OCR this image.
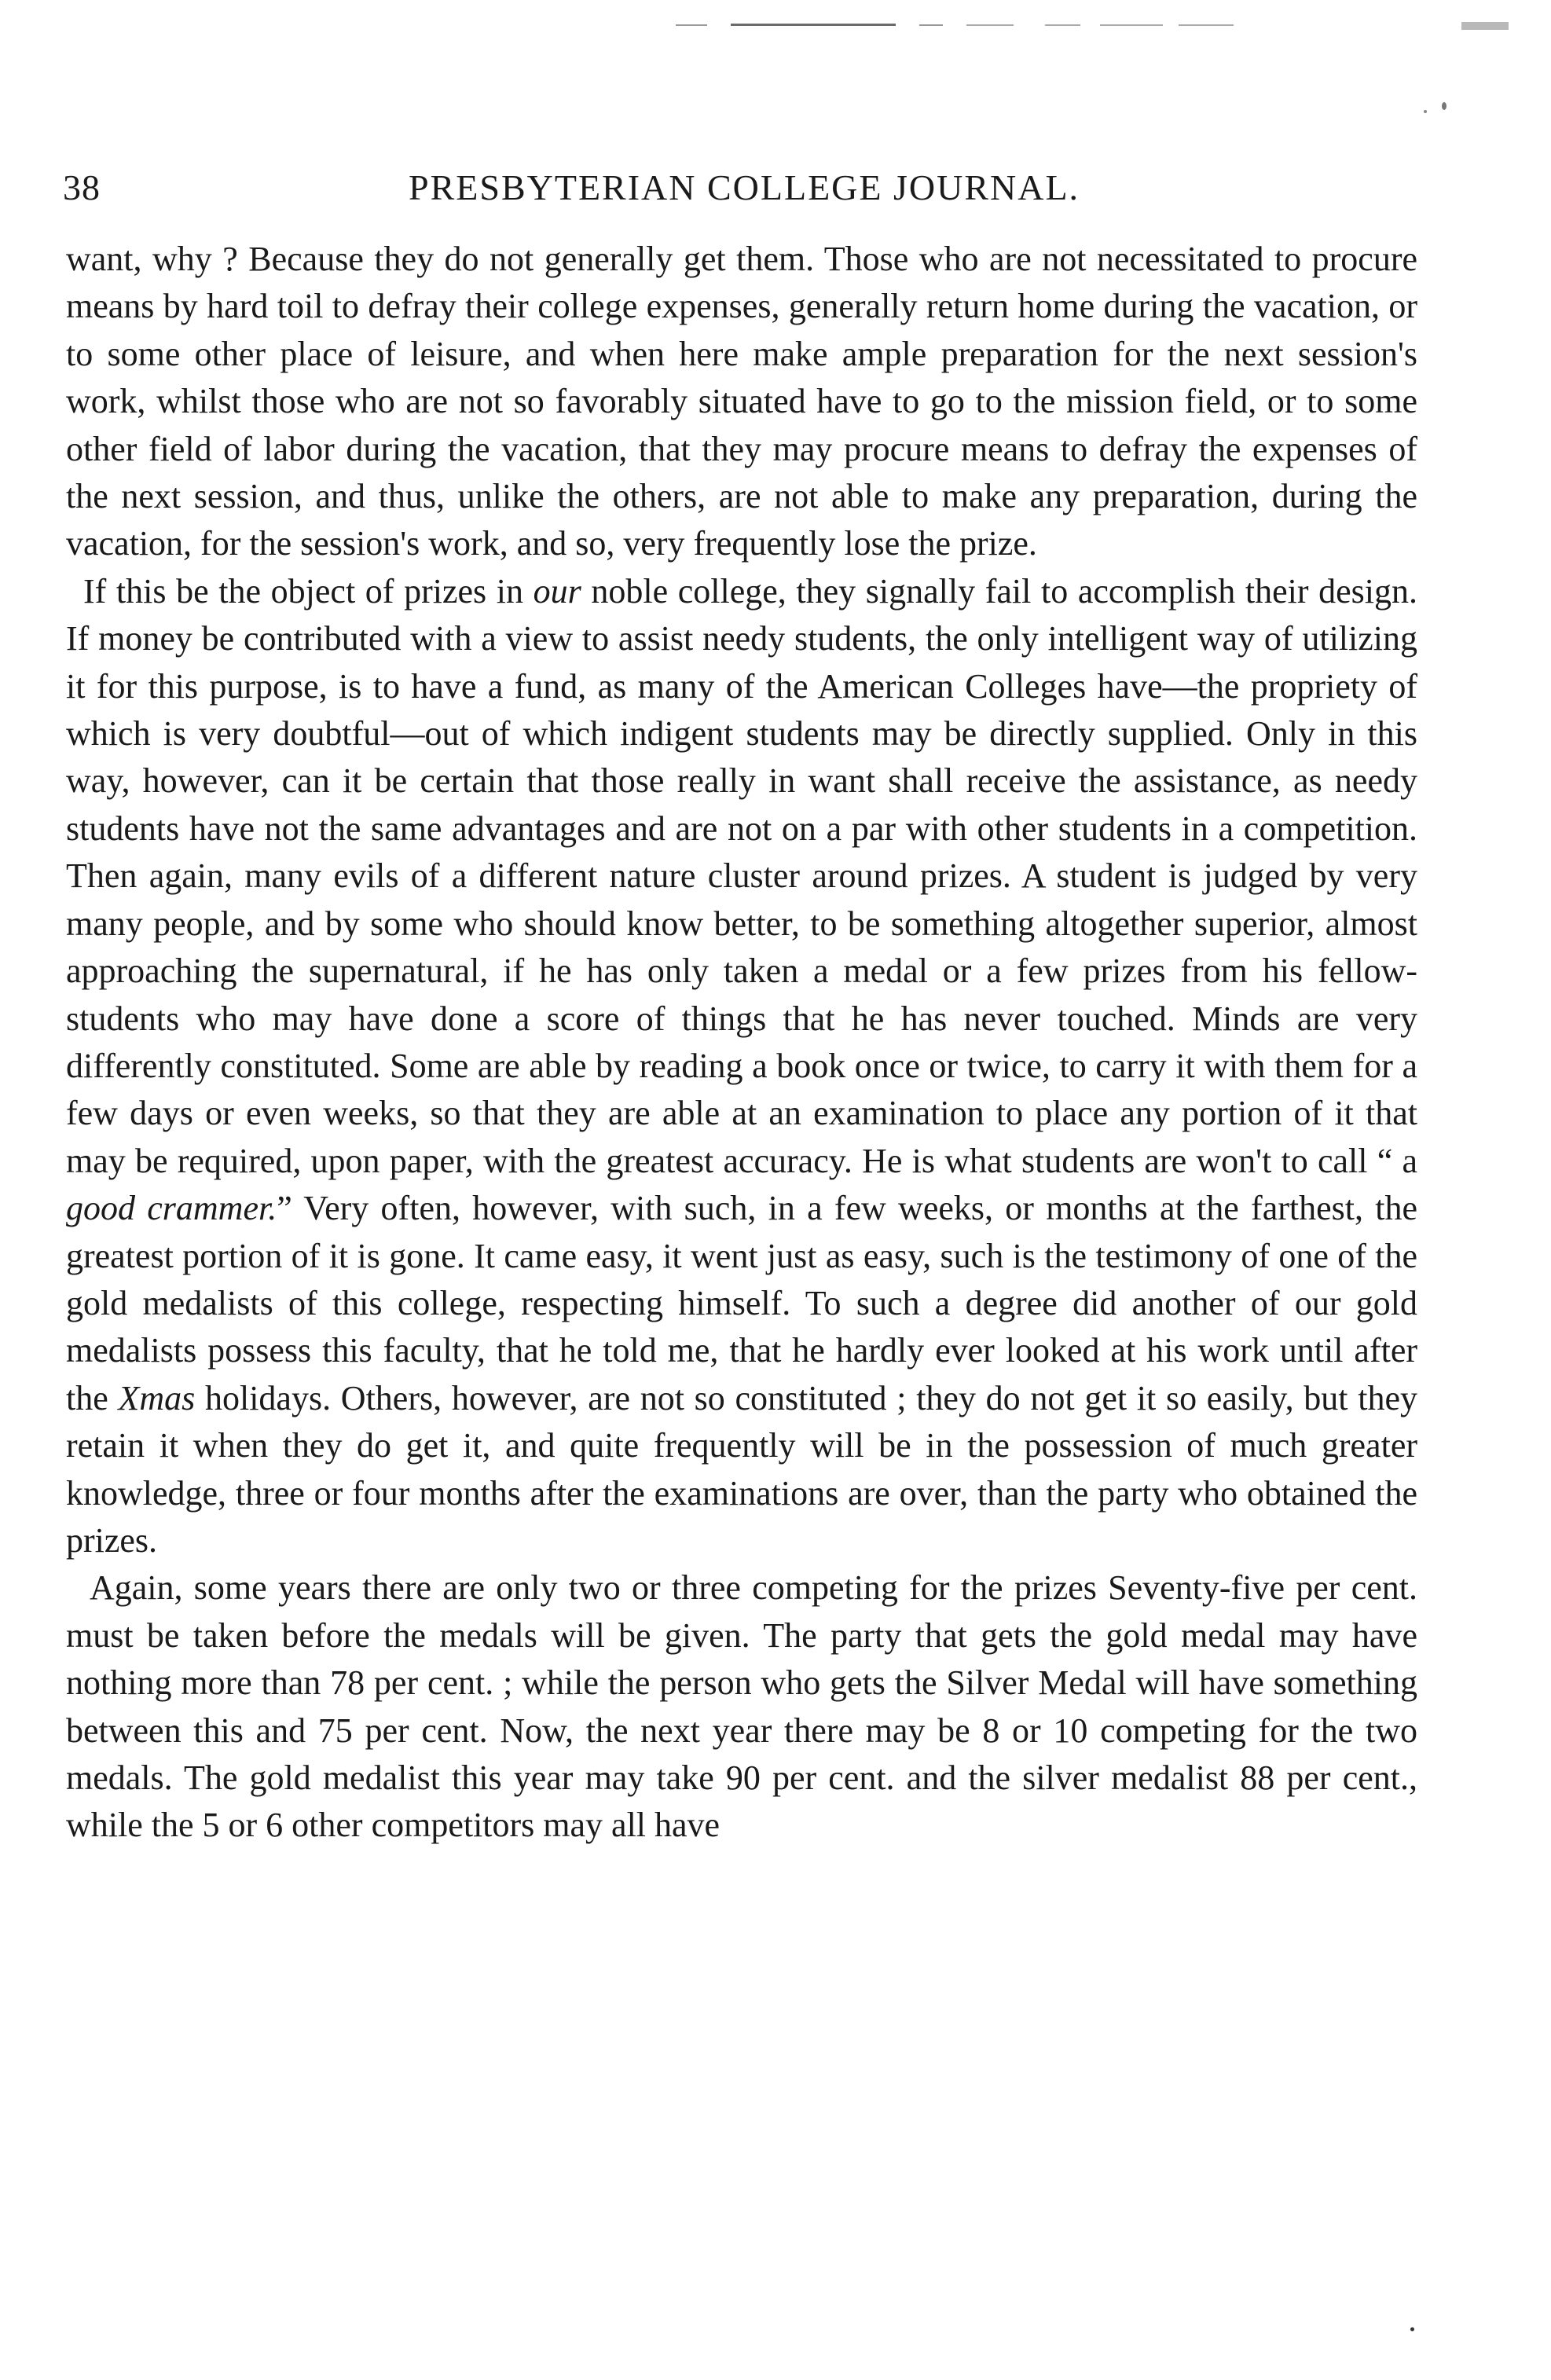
38	PRESBYTERIAN COLLEGE JOURNAL.

want, why ? Because they do not generally get them. Those who are not necessitated to procure means by hard toil to defray their college expenses, generally return home during the vacation, or to some other place of leisure, and when here make ample preparation for the next session's work, whilst those who are not so favorably situated have to go to the mission field, or to some other field of labor during the vacation, that they may procure means to defray the expenses of the next session, and thus, unlike the others, are not able to make any preparation, during the vacation, for the session's work, and so, very frequently lose the prize.

If this be the object of prizes in our noble college, they signally fail to accomplish their design. If money be contributed with a view to assist needy students, the only intelligent way of utilizing it for this purpose, is to have a fund, as many of the American Colleges have—the propriety of which is very doubtful—out of which indigent students may be directly supplied. Only in this way, however, can it be certain that those really in want shall receive the assistance, as needy students have not the same advantages and are not on a par with other students in a competition. Then again, many evils of a different nature cluster around prizes. A student is judged by very many people, and by some who should know better, to be something altogether superior, almost approaching the supernatural, if he has only taken a medal or a few prizes from his fellow-students who may have done a score of things that he has never touched. Minds are very differently constituted. Some are able by reading a book once or twice, to carry it with them for a few days or even weeks, so that they are able at an examination to place any portion of it that may be required, upon paper, with the greatest accuracy. He is what students are won't to call “ a good crammer.” Very often, however, with such, in a few weeks, or months at the farthest, the greatest portion of it is gone. It came easy, it went just as easy, such is the testimony of one of the gold medalists of this college, respecting himself. To such a degree did another of our gold medalists possess this faculty, that he told me, that he hardly ever looked at his work until after the Xmas holidays. Others, however, are not so constituted ; they do not get it so easily, but they retain it when they do get it, and quite frequently will be in the possession of much greater knowledge, three or four months after the examinations are over, than the party who obtained the prizes.

Again, some years there are only two or three competing for the prizes Seventy-five per cent. must be taken before the medals will be given. The party that gets the gold medal may have nothing more than 78 per cent. ; while the person who gets the Silver Medal will have something between this and 75 per cent. Now, the next year there may be 8 or 10 competing for the two medals. The gold medalist this year may take 90 per cent. and the silver medalist 88 per cent., while the 5 or 6 other competitors may all have
